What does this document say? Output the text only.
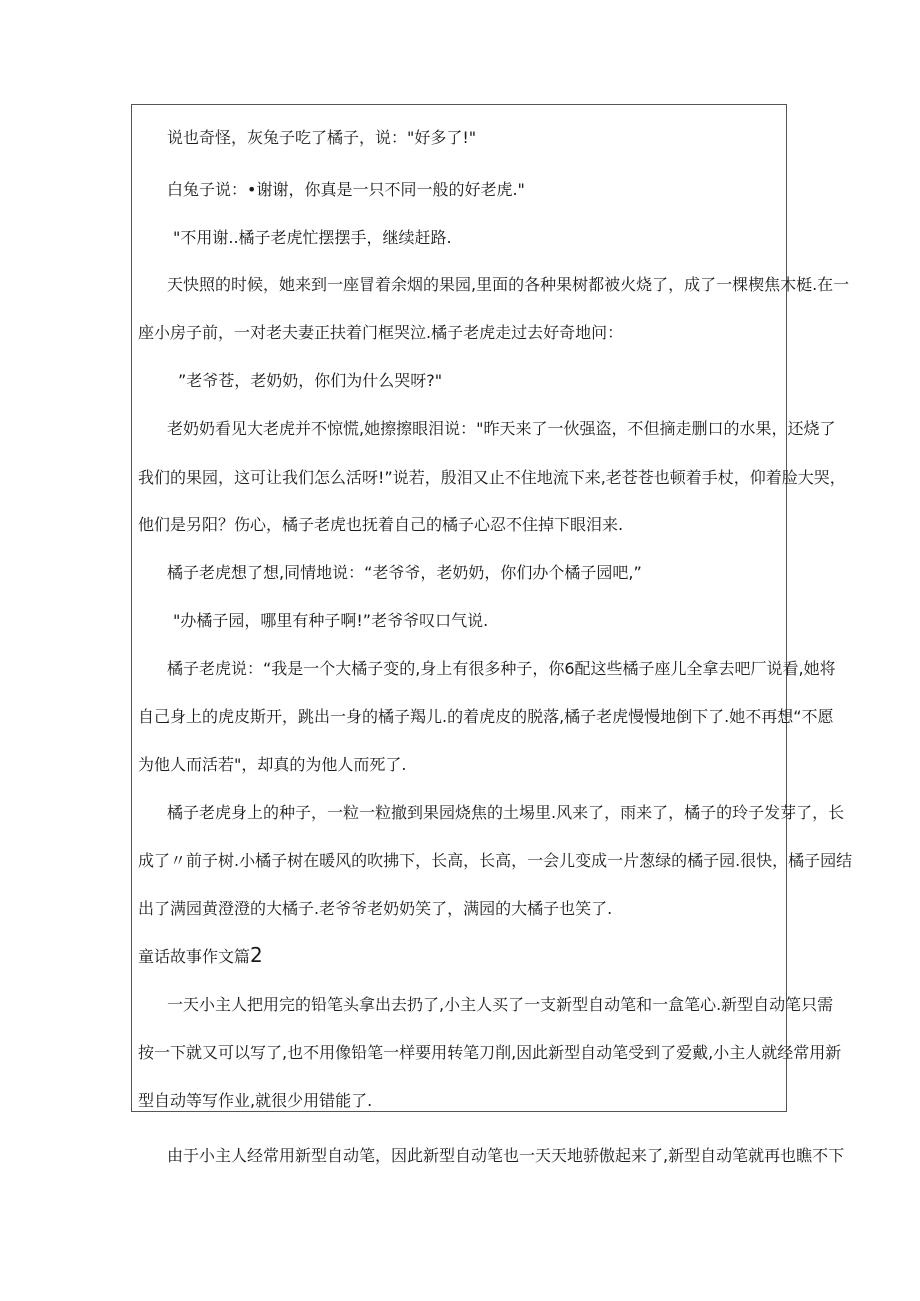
说也奇怪，灰兔子吃了橘子，说："好多了!"
白兔子说：•谢谢，你真是一只不同一般的好老虎."
"不用谢..橘子老虎忙摆摆手，继续赶路.
天快照的时候，她来到一座冒着余烟的果园,里面的各种果树都被火烧了，成了一棵楔焦木梃.在一
座小房子前，一对老夫妻正扶着门框哭泣.橘子老虎走过去好奇地问：
”老爷苍，老奶奶，你们为什么哭呀?"
老奶奶看见大老虎并不惊慌,她擦擦眼泪说："昨天来了一伙强盗，不但摘走删口的水果，还烧了
我们的果园，这可让我们怎么活呀!”说若，殷泪又止不住地流下来,老苍苍也顿着手杖，仰着脸大哭，
他们是另阳？伤心，橘子老虎也抚着自己的橘子心忍不住掉下眼泪来.
橘子老虎想了想,同情地说：“老爷爷，老奶奶，你们办个橘子园吧,”
"办橘子园，哪里有种子啊!”老爷爷叹口气说.
橘子老虎说：“我是一个大橘子变的,身上有很多种子，你6配这些橘子座儿全拿去吧厂说看,她将
自己身上的虎皮斯开，跳出一身的橘子羯儿.的着虎皮的脱落,橘子老虎慢慢地倒下了.她不再想“不愿
为他人而活若"，却真的为他人而死了.
橘子老虎身上的种子，一粒一粒撤到果园烧焦的土埸里.风来了，雨来了，橘子的玲子发芽了，长
成了〃前子树.小橘子树在暖风的吹拂下，长高，长高，一会儿变成一片葱绿的橘子园.很快，橘子园结
出了满园黄澄澄的大橘子.老爷爷老奶奶笑了，满园的大橘子也笑了.
童话故事作文篇2
一天小主人把用完的铅笔头拿出去扔了,小主人买了一支新型自动笔和一盒笔心.新型自动笔只需
按一下就又可以写了,也不用像铅笔一样要用转笔刀削,因此新型自动笔受到了爱戴,小主人就经常用新
型自动等写作业,就很少用错能了.
由于小主人经常用新型自动笔，因此新型自动笔也一天天地骄傲起来了,新型自动笔就再也瞧不下
